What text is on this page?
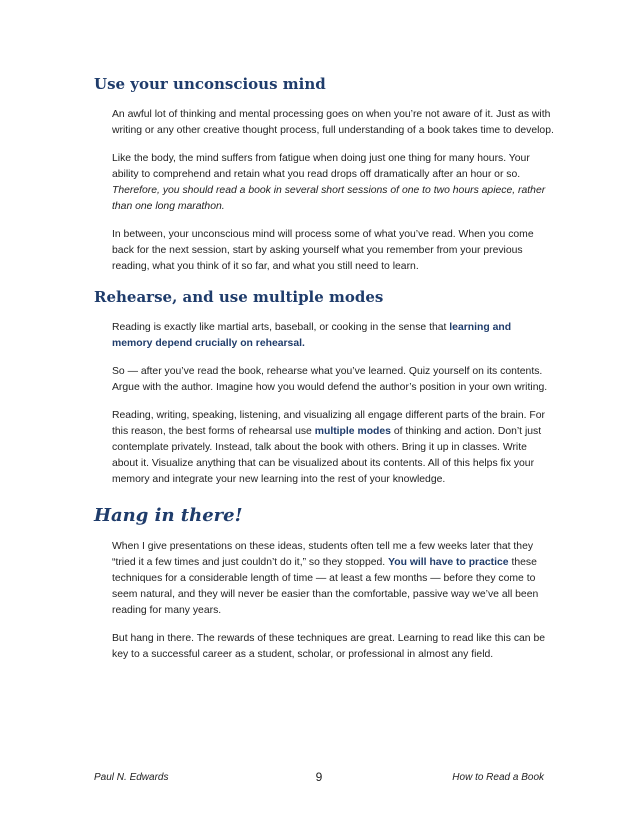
Use your unconscious mind

An awful lot of thinking and mental processing goes on when you’re not aware of it. Just as with writing or any other creative thought process, full understanding of a book takes time to develop.

Like the body, the mind suffers from fatigue when doing just one thing for many hours. Your ability to comprehend and retain what you read drops off dramatically after an hour or so. Therefore, you should read a book in several short sessions of one to two hours apiece, rather than one long marathon.

In between, your unconscious mind will process some of what you’ve read. When you come back for the next session, start by asking yourself what you remember from your previous reading, what you think of it so far, and what you still need to learn.

Rehearse, and use multiple modes

Reading is exactly like martial arts, baseball, or cooking in the sense that learning and memory depend crucially on rehearsal.

So — after you’ve read the book, rehearse what you’ve learned. Quiz yourself on its contents. Argue with the author. Imagine how you would defend the author’s position in your own writing.

Reading, writing, speaking, listening, and visualizing all engage different parts of the brain. For this reason, the best forms of rehearsal use multiple modes of thinking and action. Don’t just contemplate privately. Instead, talk about the book with others. Bring it up in classes. Write about it. Visualize anything that can be visualized about its contents. All of this helps fix your memory and integrate your new learning into the rest of your knowledge.

Hang in there!

When I give presentations on these ideas, students often tell me a few weeks later that they “tried it a few times and just couldn’t do it,” so they stopped. You will have to practice these techniques for a considerable length of time — at least a few months — before they come to seem natural, and they will never be easier than the comfortable, passive way we’ve all been reading for many years.

But hang in there. The rewards of these techniques are great. Learning to read like this can be key to a successful career as a student, scholar, or professional in almost any field.

Paul N. Edwards	9	How to Read a Book
